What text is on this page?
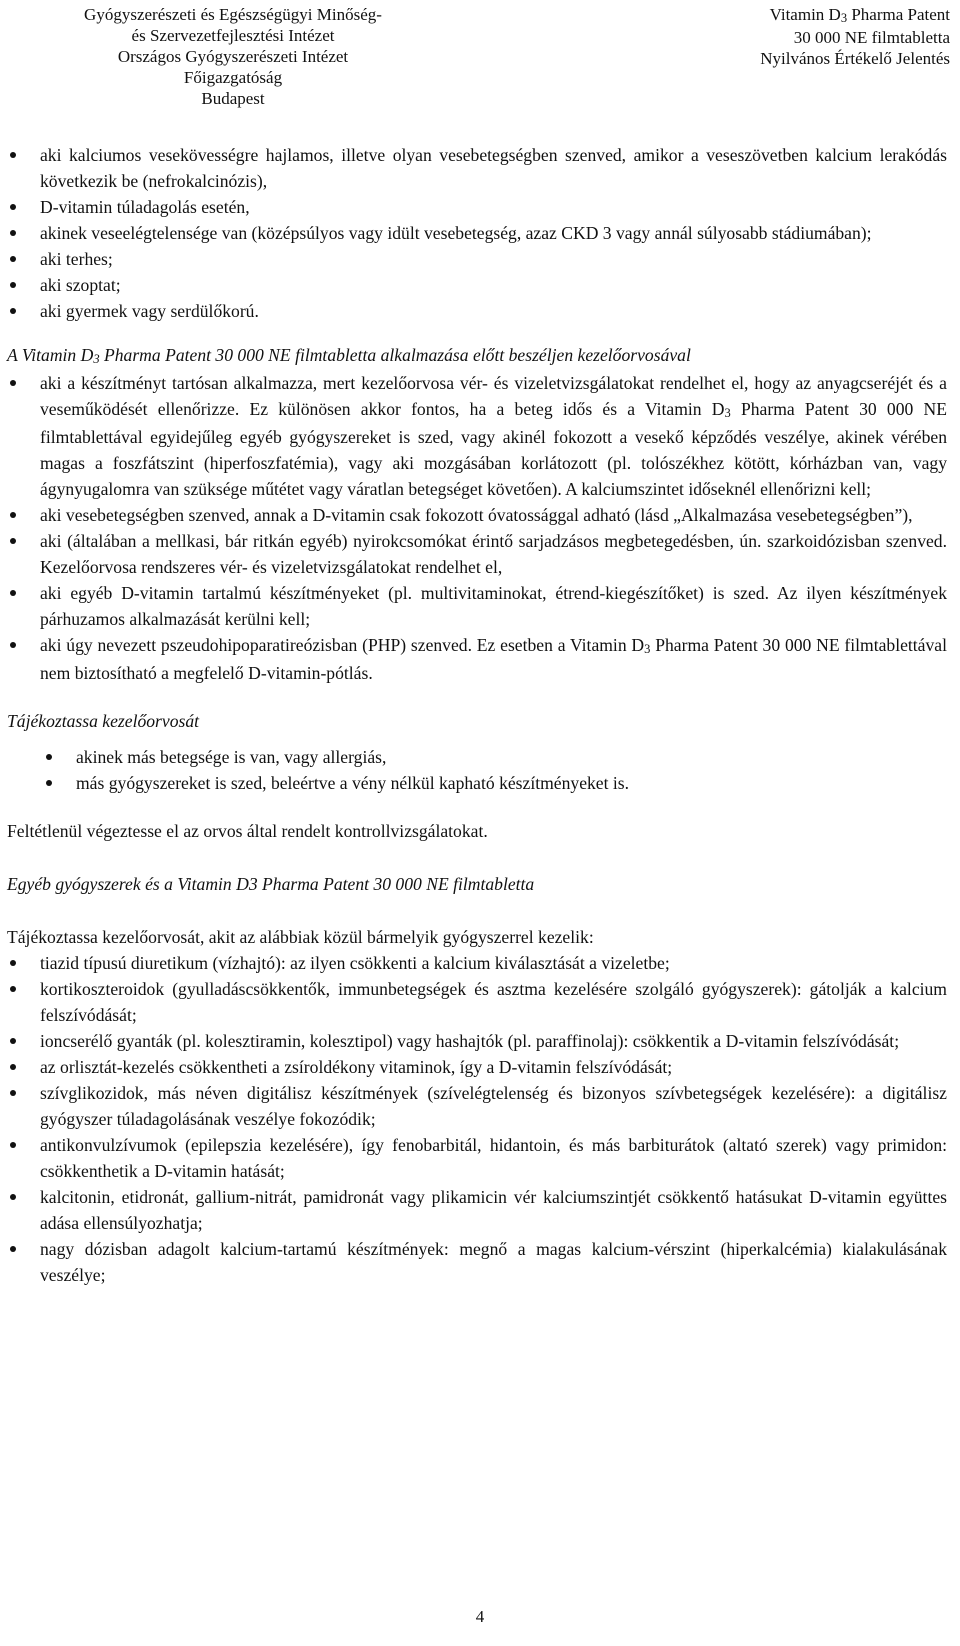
Gyógyszerészeti és Egészségügyi Minőség-
és Szervezetfejlesztési Intézet
Országos Gyógyszerészeti Intézet
Főigazgatóság
Budapest
Vitamin D3 Pharma Patent
30 000 NE filmtabletta
Nyilvános Értékelő Jelentés
aki kalciumos vesekövességre hajlamos, illetve olyan vesebetegségben szenved, amikor a veseszövetben kalcium lerakódás következik be (nefrokalcinózis),
D-vitamin túladagolás esetén,
akinek veseelégtelensége van (középsúlyos vagy idült vesebetegség, azaz CKD 3 vagy annál súlyosabb stádiumában);
aki terhes;
aki szoptat;
aki gyermek vagy serdülőkorú.

A Vitamin D3 Pharma Patent 30 000 NE filmtabletta alkalmazása előtt beszéljen kezelőorvosával

aki a készítményt tartósan alkalmazza, mert kezelőorvosa vér- és vizeletvizsgálatokat rendelhet el, hogy az anyagcseréjét és a veseműködését ellenőrizze. Ez különösen akkor fontos, ha a beteg idős és a Vitamin D3 Pharma Patent 30 000 NE filmtablettával egyidejűleg egyéb gyógyszereket is szed, vagy akinél fokozott a vesekő képződés veszélye, akinek vérében magas a foszfátszint (hiperfoszfatémia), vagy aki mozgásában korlátozott (pl. tolószékhez kötött, kórházban van, vagy ágynyugalomra van szüksége műtétet vagy váratlan betegséget követően). A kalciumszintet időseknél ellenőrizni kell;
aki vesebetegségben szenved, annak a D-vitamin csak fokozott óvatossággal adható (lásd „Alkalmazása vesebetegségben”),
aki (általában a mellkasi, bár ritkán egyéb) nyirokcsomókat érintő sarjadzásos megbetegedésben, ún. szarkoidózisban szenved. Kezelőorvosa rendszeres vér- és vizeletvizsgálatokat rendelhet el,
aki egyéb D-vitamin tartalmú készítményeket (pl. multivitaminokat, étrend-kiegészítőket) is szed. Az ilyen készítmények párhuzamos alkalmazását kerülni kell;
aki úgy nevezett pszeudohipoparatireózisban (PHP) szenved. Ez esetben a Vitamin D3 Pharma Patent 30 000 NE filmtablettával nem biztosítható a megfelelő D-vitamin-pótlás.

Tájékoztassa kezelőorvosát

akinek más betegsége is van, vagy allergiás,
más gyógyszereket is szed, beleértve a vény nélkül kapható készítményeket is.

Feltétlenül végeztesse el az orvos által rendelt kontrollvizsgálatokat.

Egyéb gyógyszerek és a Vitamin D3 Pharma Patent 30 000 NE filmtabletta

Tájékoztassa kezelőorvosát, akit az alábbiak közül bármelyik gyógyszerrel kezelik:

tiazid típusú diuretikum (vízhajtó): az ilyen csökkenti a kalcium kiválasztását a vizeletbe;
kortikoszteroidok (gyulladáscsökkentők, immunbetegségek és asztma kezelésére szolgáló gyógyszerek): gátolják a kalcium felszívódását;
ioncserélő gyanták (pl. kolesztiramin, kolesztipol) vagy hashajtók (pl. paraffinolaj): csökkentik a D-vitamin felszívódását;
az orlisztát-kezelés csökkentheti a zsíroldékony vitaminok, így a D-vitamin felszívódását;
szívglikozidok, más néven digitálisz készítmények (szívelégtelenség és bizonyos szívbetegségek kezelésére): a digitálisz gyógyszer túladagolásának veszélye fokozódik;
antikonvulzívumok (epilepszia kezelésére), így fenobarbitál, hidantoin, és más barbiturátok (altató szerek) vagy primidon: csökkenthetik a D-vitamin hatását;
kalcitonin, etidronát, gallium-nitrát, pamidronát vagy plikamicin vér kalciumszintjét csökkentő hatásukat D-vitamin együttes adása ellensúlyozhatja;
nagy dózisban adagolt kalcium-tartamú készítmények: megnő a magas kalcium-vérszint (hiperkalcémia) kialakulásának veszélye;
4
